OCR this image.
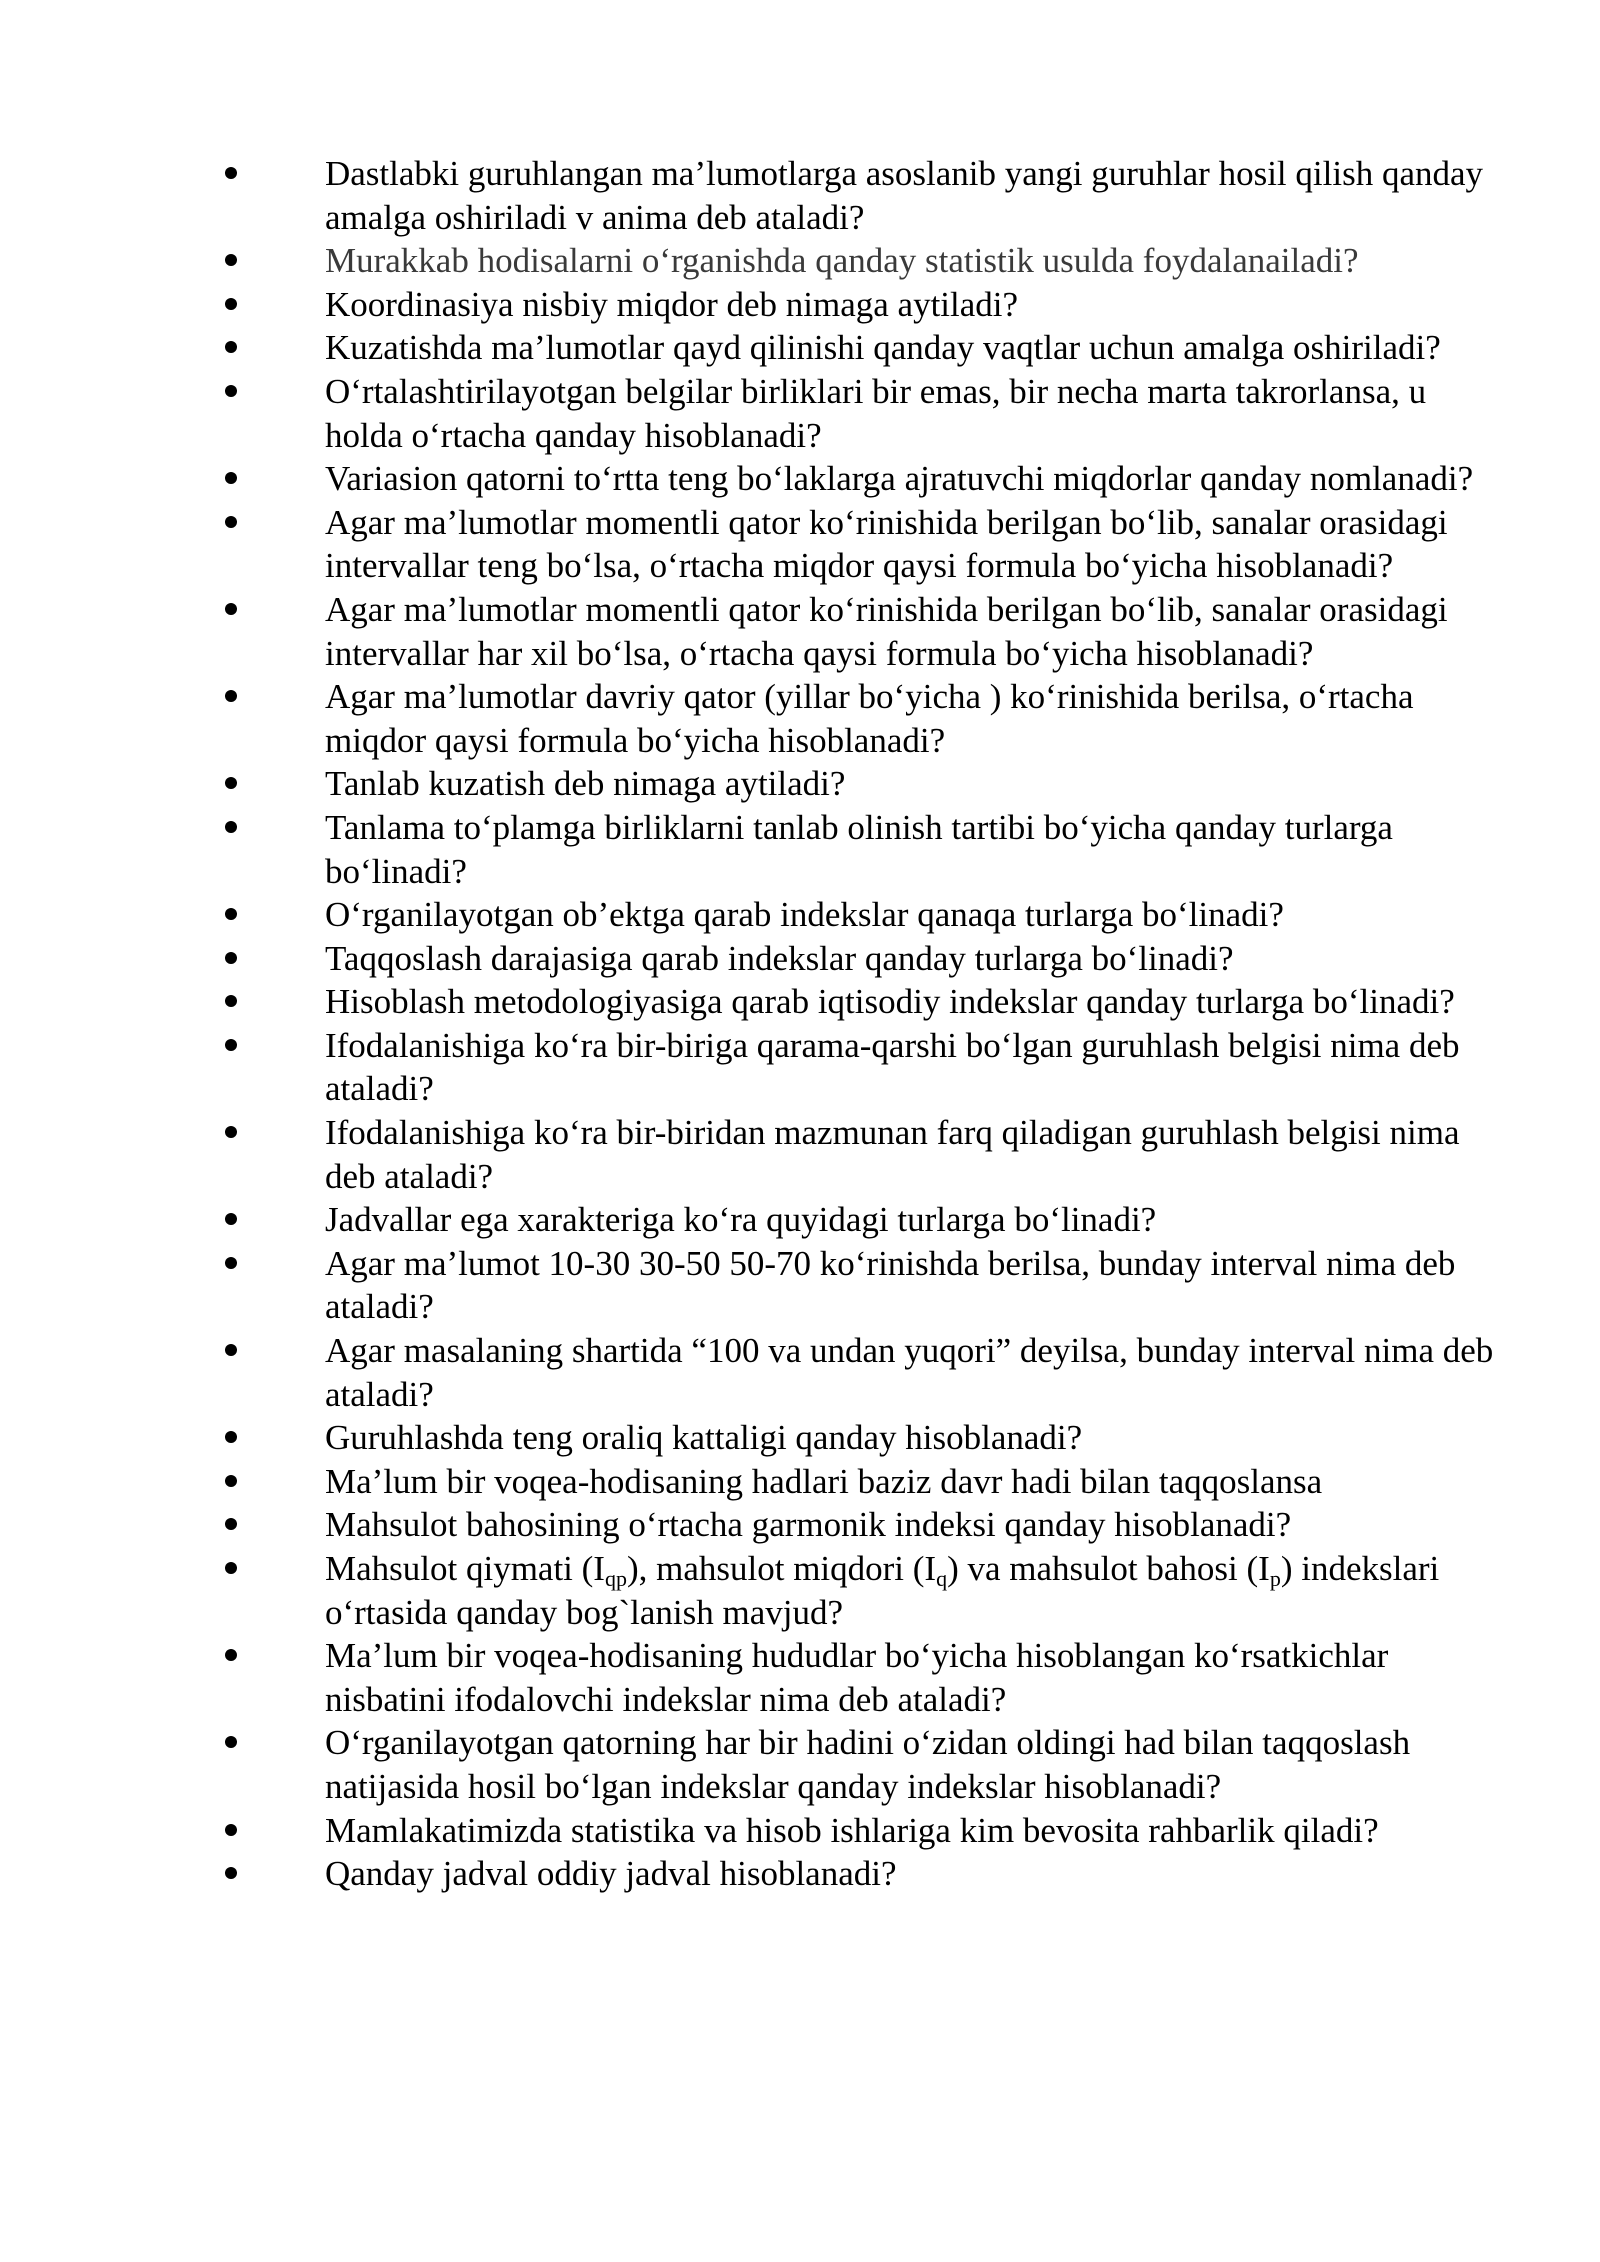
Dastlabki guruhlangan ma’lumotlarga asoslanib yangi guruhlar hosil qilish qanday amalga oshiriladi v anima deb ataladi?
Murakkab hodisalarni o‘rganishda qanday statistik usulda foydalanailadi?
Koordinasiya nisbiy miqdor deb nimaga aytiladi?
Kuzatishda ma’lumotlar qayd qilinishi qanday vaqtlar uchun amalga oshiriladi?
O‘rtalashtirilayotgan belgilar birliklari bir emas, bir necha marta takrorlansa, u holda o‘rtacha qanday hisoblanadi?
Variasion qatorni to‘rtta teng bo‘laklarga ajratuvchi miqdorlar qanday nomlanadi?
Agar ma’lumotlar momentli qator ko‘rinishida berilgan bo‘lib, sanalar orasidagi intervallar teng bo‘lsa, o‘rtacha miqdor qaysi formula bo‘yicha hisoblanadi?
Agar ma’lumotlar momentli qator ko‘rinishida berilgan bo‘lib, sanalar orasidagi intervallar har xil bo‘lsa, o‘rtacha qaysi formula bo‘yicha hisoblanadi?
Agar ma’lumotlar davriy qator (yillar bo‘yicha ) ko‘rinishida berilsa, o‘rtacha miqdor qaysi formula bo‘yicha hisoblanadi?
Tanlab kuzatish deb nimaga aytiladi?
Tanlama to‘plamga birliklarni tanlab olinish tartibi bo‘yicha qanday turlarga bo‘linadi?
O‘rganilayotgan ob’ektga qarab indekslar qanaqa turlarga bo‘linadi?
Taqqoslash darajasiga qarab indekslar qanday turlarga bo‘linadi?
Hisoblash metodologiyasiga qarab iqtisodiy indekslar qanday turlarga bo‘linadi?
Ifodalanishiga ko‘ra bir-biriga qarama-qarshi bo‘lgan guruhlash belgisi nima deb ataladi?
Ifodalanishiga ko‘ra bir-biridan mazmunan farq qiladigan guruhlash belgisi nima deb ataladi?
Jadvallar ega xarakteriga ko‘ra quyidagi turlarga bo‘linadi?
Agar ma’lumot 10-30 30-50 50-70 ko‘rinishda berilsa, bunday interval nima deb ataladi?
Agar masalaning shartida “100 va undan yuqori” deyilsa, bunday interval nima deb ataladi?
Guruhlashda teng oraliq kattaligi qanday hisoblanadi?
Ma’lum bir voqea-hodisaning hadlari baziz davr hadi bilan taqqoslansa
Mahsulot bahosining o‘rtacha garmonik indeksi qanday hisoblanadi?
Mahsulot qiymati $(I_{qp})$, mahsulot miqdori $(I_q)$ va mahsulot bahosi $(I_p)$ indekslari o‘rtasida qanday bog`lanish mavjud?
Ma’lum bir voqea-hodisaning hududlar bo‘yicha hisoblangan ko‘rsatkichlar nisbatini ifodalovchi indekslar nima deb ataladi?
O‘rganilayotgan qatorning har bir hadini o‘zidan oldingi had bilan taqqoslash natijasida hosil bo‘lgan indekslar qanday indekslar hisoblanadi?
Mamlakatimizda statistika va hisob ishlariga kim bevosita rahbarlik qiladi?
Qanday jadval oddiy jadval hisoblanadi?
